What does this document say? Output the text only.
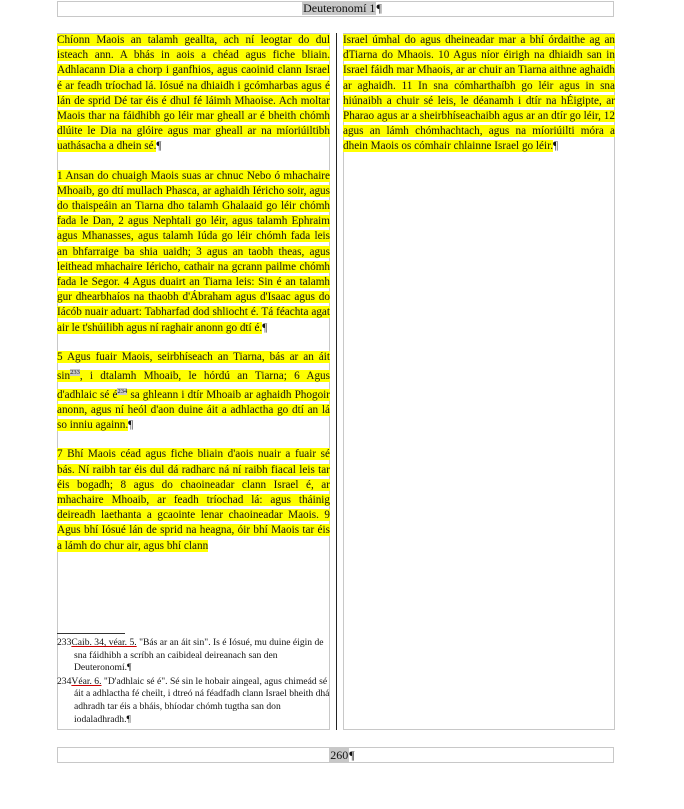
Deuteronomí 1¶

Chíonn Maois an talamh geallta, ach ní leogtar do dul isteach ann. A bhás in aois a chéad agus fiche bliain. Adhlacann Dia a chorp i ganfhios, agus caoinid clann Israel é ar feadh tríochad lá. Iósué na dhiaidh i gcómharbas agus é lán de sprid Dé tar éis é dhul fé láimh Mhaoise. Ach moltar Maois thar na fáidhibh go léir mar gheall ar é bheith chómh dlúite le Dia na glóire agus mar gheall ar na míoriúiltibh uathásacha a dhein sé.¶

1 Ansan do chuaigh Maois suas ar chnuc Nebo ó mhachaire Mhoaib, go dtí mullach Phasca, ar aghaidh Iéricho soir, agus do thaispeáin an Tiarna dho talamh Ghalaaid go léir chómh fada le Dan, 2 agus Nephtali go léir, agus talamh Ephraim agus Mhanasses, agus talamh Iúda go léir chómh fada leis an bhfarraige ba shia uaidh; 3 agus an taobh theas, agus leithead mhachaire Iéricho, cathair na gcrann pailme chómh fada le Segor. 4 Agus duairt an Tiarna leis: Sin é an talamh gur dhearbhaíos na thaobh d'Ábraham agus d'Isaac agus do Iácób nuair aduart: Tabharfad dod shliocht é. Tá féachta agat air le t'shúilibh agus ní raghair anonn go dtí é.¶

5 Agus fuair Maois, seirbhíseach an Tiarna, bás ar an áit $\sin^{233}$, i dtalamh Mhoaib, le hórdú an Tiarna; 6 Agus d'adhlaic sé $é^{234}$ sa ghleann i dtír Mhoaib ar aghaidh Phogoir anonn, agus ní heól d'aon duine áit a adhlactha go dtí an lá so inniu againn.¶

7 Bhí Maois céad agus fiche bliain d'aois nuair a fuair sé bás. Ní raibh tar éis dul dá radharc ná ní raibh fiacal leis tar éis bogadh; 8 agus do chaoineadar clann Israel é, ar mhachaire Mhoaib, ar feadh tríochad lá: agus tháinig deireadh laethanta a gcaointe lenar chaoineadar Maois. 9 Agus bhí Iósué lán de sprid na heagna, óir bhí Maois tar éis a lámh do chur air, agus bhí clann

Israel úmhal do agus dheineadar mar a bhí órdaithe ag an dTiarna do Mhaois. 10 Agus níor éirigh na dhiaidh san in Israel fáidh mar Mhaois, ar ar chuir an Tiarna aithne aghaidh ar aghaidh. 11 In sna cómharthaíbh go léir agus in sna hiúnaibh a chuir sé leis, le déanamh i dtír na hÉigipte, ar Pharao agus ar a sheirbhíseachaibh agus ar an dtír go léir, 12 agus an lámh chómhachtach, agus na míoriúilti móra a dhein Maois os cómhair chlainne Israel go léir.¶

233Caib. 34, véar. 5. "Bás ar an áit sin". Is é Iósué, mu duine éigin de sna fáidhibh a scríbh an caibideal deireanach san den Deuteronomí.¶
234Véar. 6. "D'adhlaic sé é". Sé sin le hobair aingeal, agus chimeád sé áit a adhlactha fé cheilt, i dtreó ná féadfadh clann Israel bheith dhá adhradh tar éis a bháis, bhíodar chómh tugtha san don iodaladhradh.¶
260¶
